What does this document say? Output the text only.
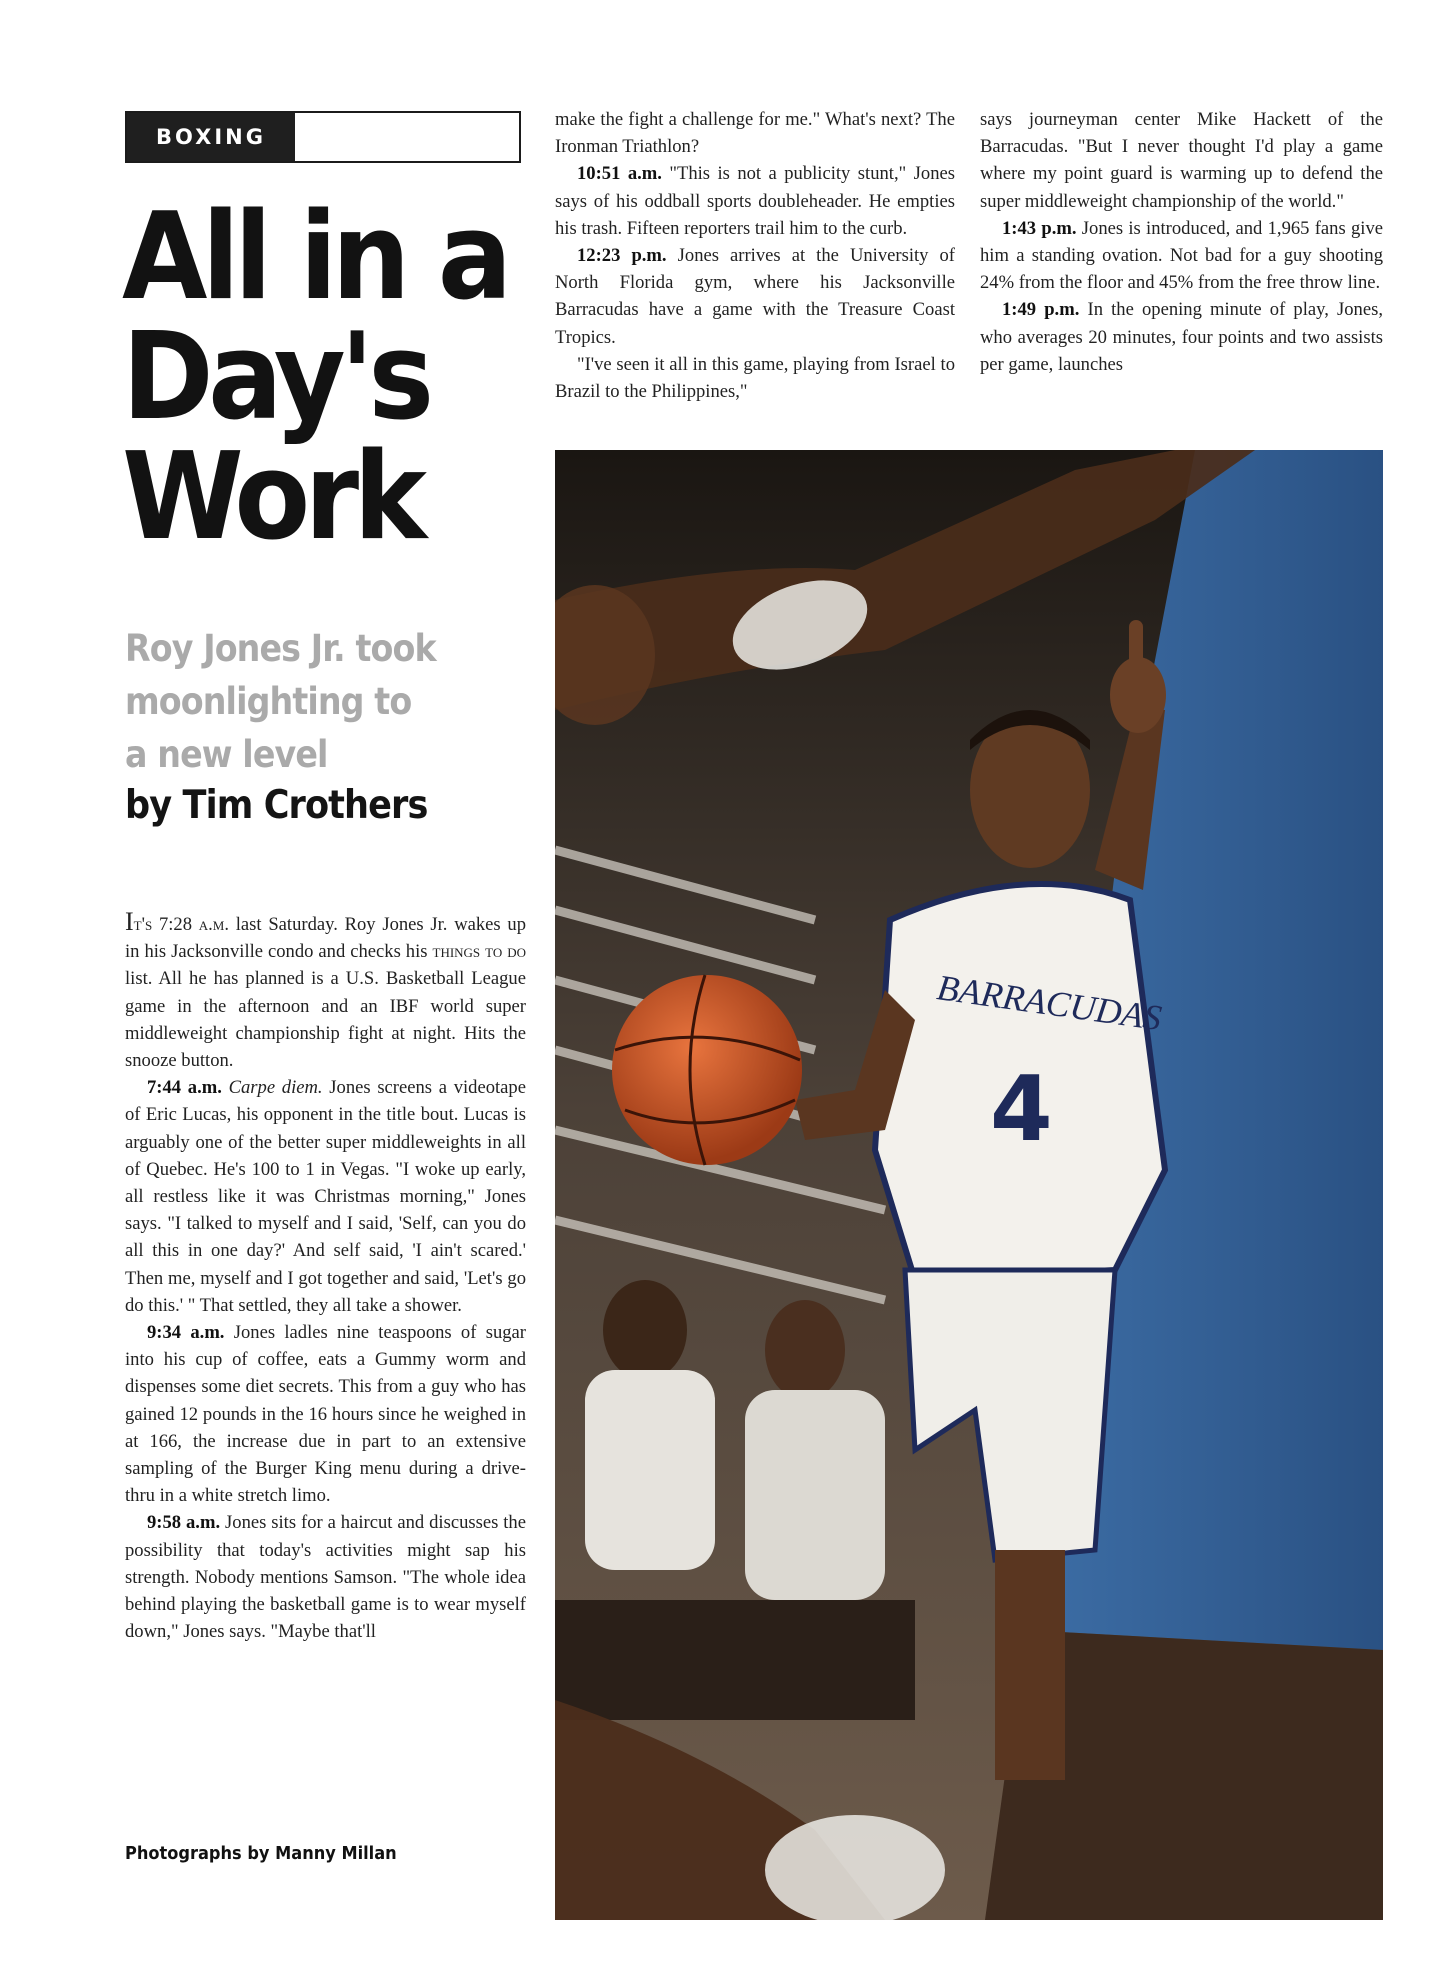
BOXING
All in a
Day's
Work
Roy Jones Jr. took
moonlighting to
a new level
by Tim Crothers

It's 7:28 a.m. last Saturday. Roy Jones Jr. wakes up in his Jacksonville condo and checks his things to do list. All he has planned is a U.S. Basketball League game in the afternoon and an IBF world super middleweight championship fight at night. Hits the snooze button.

7:44 a.m. Carpe diem. Jones screens a videotape of Eric Lucas, his opponent in the title bout. Lucas is arguably one of the better super middleweights in all of Quebec. He's 100 to 1 in Vegas. "I woke up early, all restless like it was Christmas morning," Jones says. "I talked to myself and I said, 'Self, can you do all this in one day?' And self said, 'I ain't scared.' Then me, myself and I got together and said, 'Let's go do this.' " That settled, they all take a shower.

9:34 a.m. Jones ladles nine teaspoons of sugar into his cup of coffee, eats a Gummy worm and dispenses some diet secrets. This from a guy who has gained 12 pounds in the 16 hours since he weighed in at 166, the increase due in part to an extensive sampling of the Burger King menu during a drive-thru in a white stretch limo.

9:58 a.m. Jones sits for a haircut and discusses the possibility that today's activities might sap his strength. Nobody mentions Samson. "The whole idea behind playing the basketball game is to wear myself down," Jones says. "Maybe that'll

make the fight a challenge for me." What's next? The Ironman Triathlon?

10:51 a.m. "This is not a publicity stunt," Jones says of his oddball sports doubleheader. He empties his trash. Fifteen reporters trail him to the curb.

12:23 p.m. Jones arrives at the University of North Florida gym, where his Jacksonville Barracudas have a game with the Treasure Coast Tropics.

"I've seen it all in this game, playing from Israel to Brazil to the Philippines,"

says journeyman center Mike Hackett of the Barracudas. "But I never thought I'd play a game where my point guard is warming up to defend the super middleweight championship of the world."

1:43 p.m. Jones is introduced, and 1,965 fans give him a standing ovation. Not bad for a guy shooting 24% from the floor and 45% from the free throw line.

1:49 p.m. In the opening minute of play, Jones, who averages 20 minutes, four points and two assists per game, launches

BARRACUDAS
4
Photographs by Manny Millan
